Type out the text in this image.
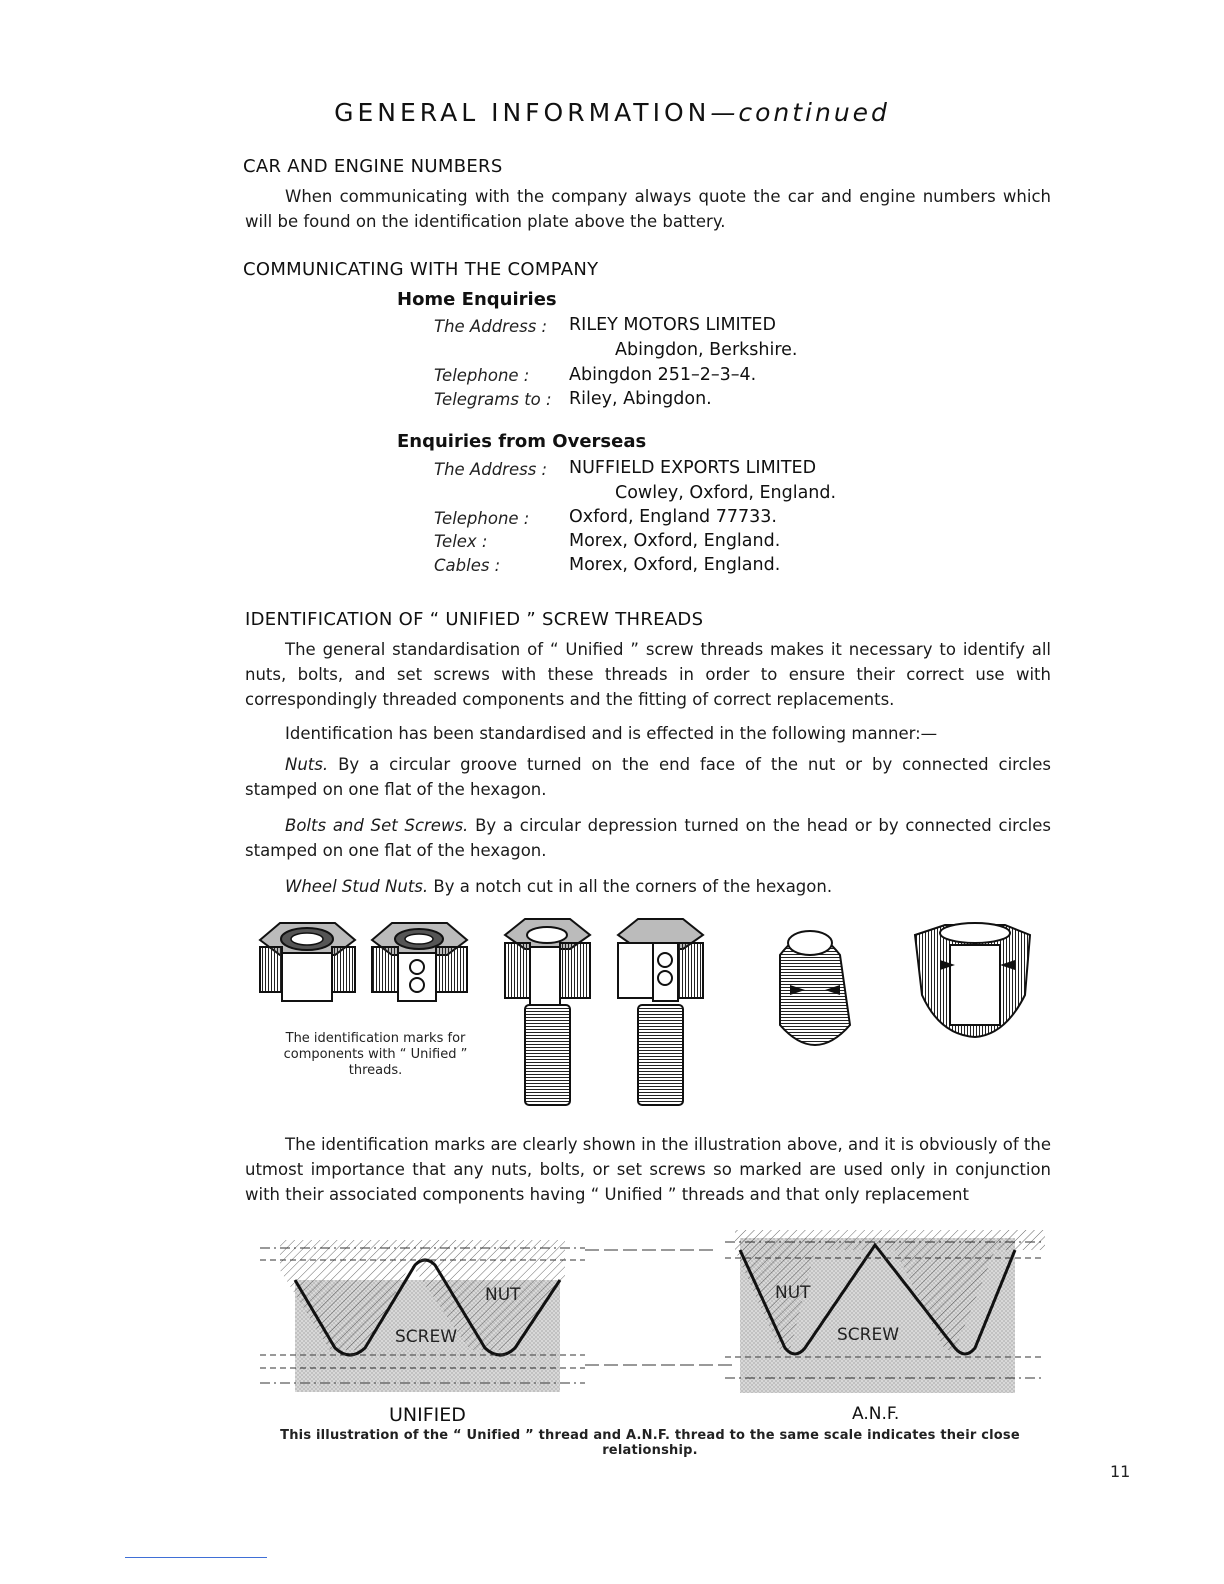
GENERAL INFORMATION—continued
CAR AND ENGINE NUMBERS
When communicating with the company always quote the car and engine numbers which will be found on the identification plate above the battery.
COMMUNICATING WITH THE COMPANY
Home Enquiries
The Address : RILEY MOTORS LIMITED
Abingdon, Berkshire.
Telephone : Abingdon 251–2–3–4.
Telegrams to : Riley, Abingdon.
Enquiries from Overseas
The Address : NUFFIELD EXPORTS LIMITED
Cowley, Oxford, England.
Telephone : Oxford, England 77733.
Telex :	Morex, Oxford, England.
Cables :	Morex, Oxford, England.
IDENTIFICATION OF “ UNIFIED ” SCREW THREADS
The general standardisation of “ Unified ” screw threads makes it necessary to identify all nuts, bolts, and set screws with these threads in order to ensure their correct use with correspondingly threaded components and the fitting of correct replacements.
Identification has been standardised and is effected in the following manner:—
Nuts. By a circular groove turned on the end face of the nut or by connected circles stamped on one flat of the hexagon.
Bolts and Set Screws. By a circular depression turned on the head or by connected circles stamped on one flat of the hexagon.
Wheel Stud Nuts. By a notch cut in all the corners of the hexagon.
The identification marks for components with “ Unified ” threads.
The identification marks are clearly shown in the illustration above, and it is obviously of the utmost importance that any nuts, bolts, or set screws so marked are used only in conjunction with their associated components having “ Unified ” threads and that only replacement
NUT
SCREW
NUT
SCREW
UNIFIED	A.N.F.
This illustration of the “ Unified ” thread and A.N.F. thread to the same scale indicates their close relationship.
11
